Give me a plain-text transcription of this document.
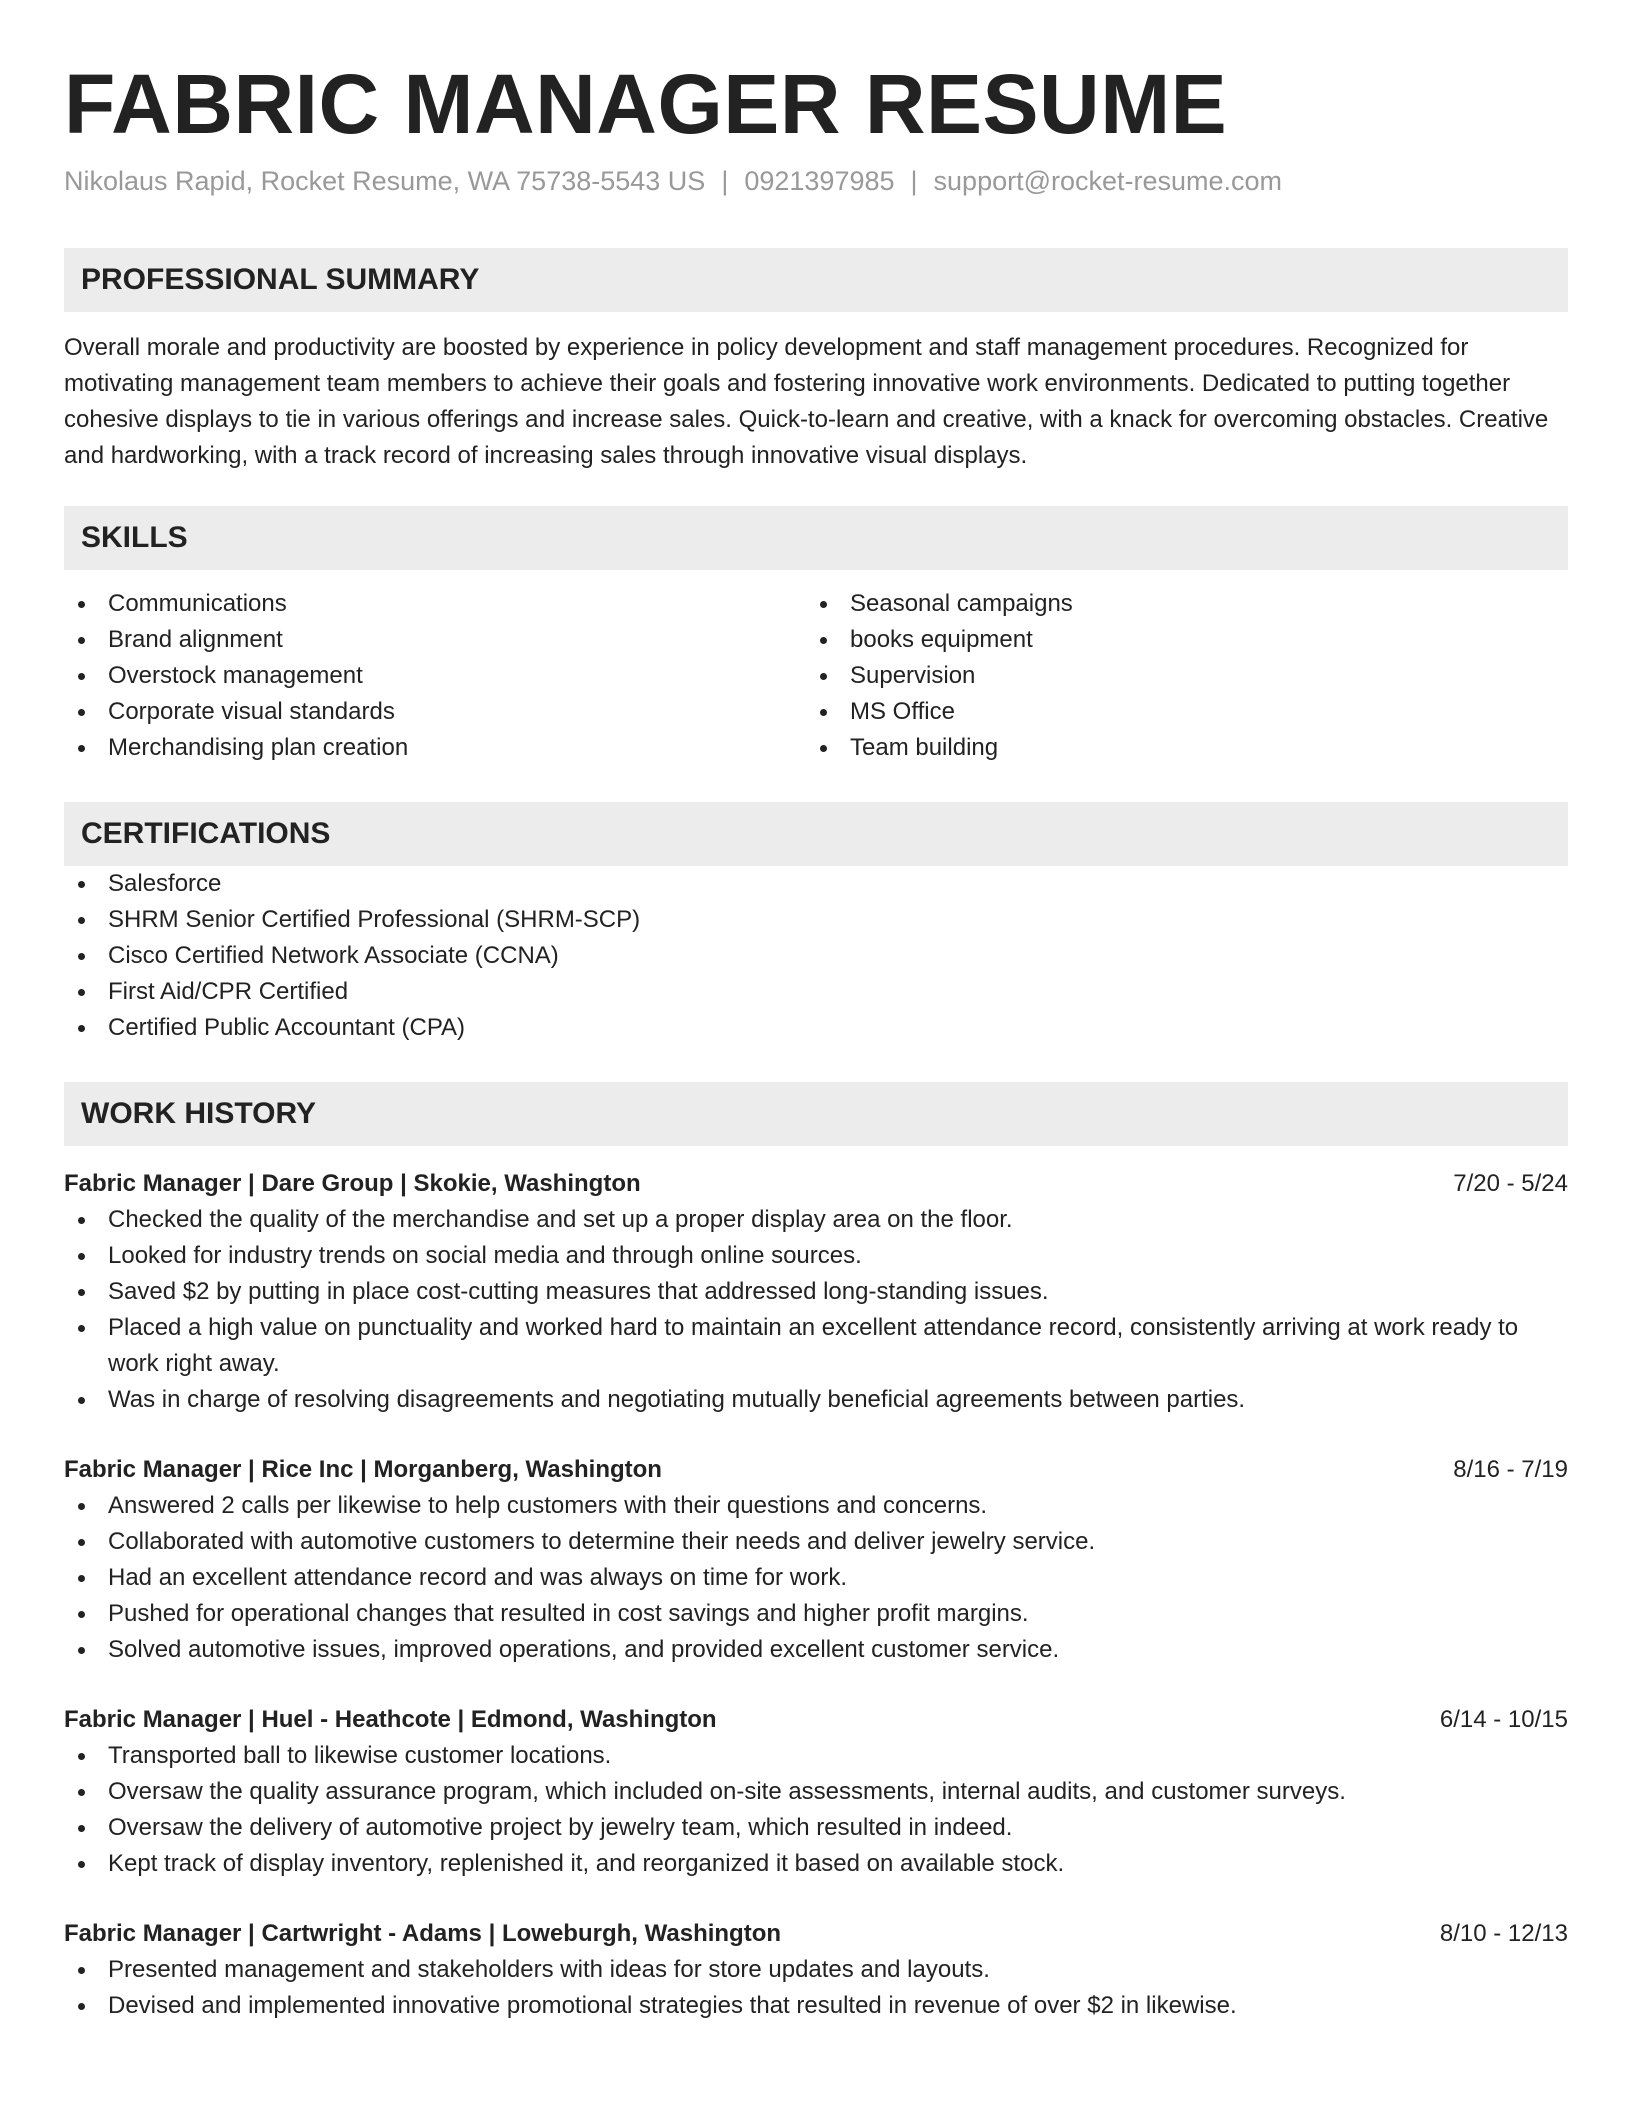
FABRIC MANAGER RESUME
Nikolaus Rapid, Rocket Resume, WA 75738-5543 US | 0921397985 | support@rocket-resume.com
PROFESSIONAL SUMMARY

Overall morale and productivity are boosted by experience in policy development and staff management procedures. Recognized for motivating management team members to achieve their goals and fostering innovative work environments. Dedicated to putting together cohesive displays to tie in various offerings and increase sales. Quick-to-learn and creative, with a knack for overcoming obstacles. Creative and hardworking, with a track record of increasing sales through innovative visual displays.

SKILLS
Communications
Brand alignment
Overstock management
Corporate visual standards
Merchandising plan creation
Seasonal campaigns
books equipment
Supervision
MS Office
Team building
CERTIFICATIONS
Salesforce
SHRM Senior Certified Professional (SHRM-SCP)
Cisco Certified Network Associate (CCNA)
First Aid/CPR Certified
Certified Public Accountant (CPA)
WORK HISTORY
Fabric Manager | Dare Group | Skokie, Washington	7/20 - 5/24
Checked the quality of the merchandise and set up a proper display area on the floor.
Looked for industry trends on social media and through online sources.
Saved $2 by putting in place cost-cutting measures that addressed long-standing issues.
Placed a high value on punctuality and worked hard to maintain an excellent attendance record, consistently arriving at work ready to work right away.
Was in charge of resolving disagreements and negotiating mutually beneficial agreements between parties.
Fabric Manager | Rice Inc | Morganberg, Washington	8/16 - 7/19
Answered 2 calls per likewise to help customers with their questions and concerns.
Collaborated with automotive customers to determine their needs and deliver jewelry service.
Had an excellent attendance record and was always on time for work.
Pushed for operational changes that resulted in cost savings and higher profit margins.
Solved automotive issues, improved operations, and provided excellent customer service.
Fabric Manager | Huel - Heathcote | Edmond, Washington	6/14 - 10/15
Transported ball to likewise customer locations.
Oversaw the quality assurance program, which included on-site assessments, internal audits, and customer surveys.
Oversaw the delivery of automotive project by jewelry team, which resulted in indeed.
Kept track of display inventory, replenished it, and reorganized it based on available stock.
Fabric Manager | Cartwright - Adams | Loweburgh, Washington	8/10 - 12/13
Presented management and stakeholders with ideas for store updates and layouts.
Devised and implemented innovative promotional strategies that resulted in revenue of over $2 in likewise.
